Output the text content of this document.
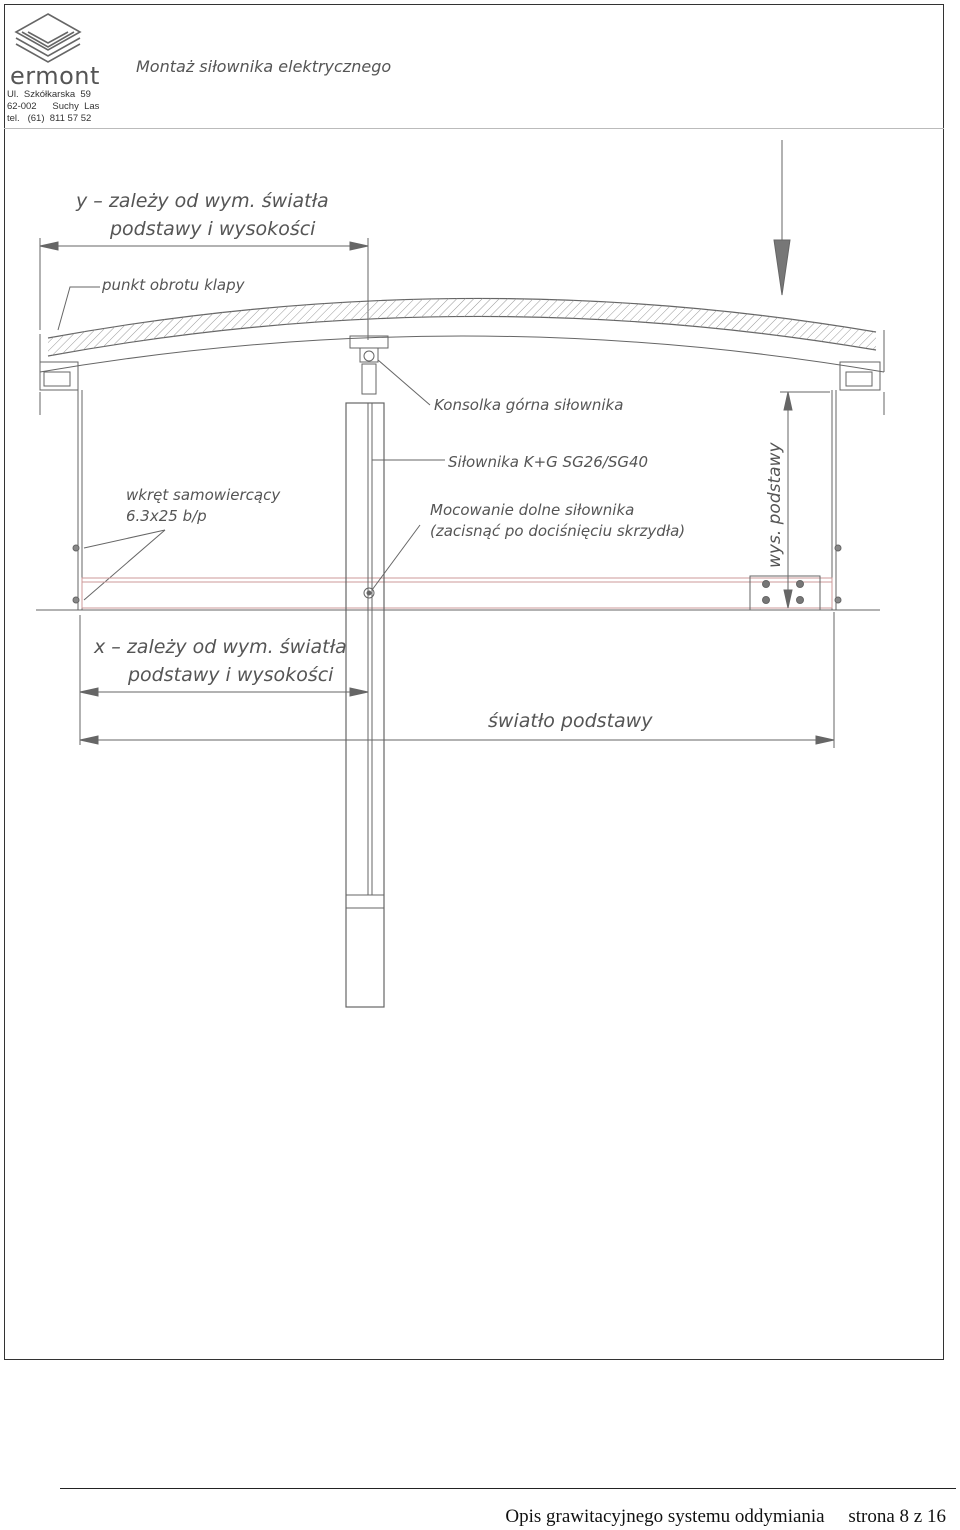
ermont
Ul.  Szkółkarska  59
62-002      Suchy  Las
tel.   (61)  811 57 52
Montaż siłownika elektrycznego
y – zależy od wym. światła
podstawy i wysokości
punkt obrotu klapy
Konsolka górna siłownika
Siłownika K+G SG26/SG40
Mocowanie dolne siłownika
(zacisnąć po dociśnięciu skrzydła)
wkręt samowiercący
6.3x25 b/p	wys. podstawy
x – zależy od wym. światła
podstawy i wysokości
światło podstawy
Opis grawitacyjnego systemu oddymiania strona 8 z 16
